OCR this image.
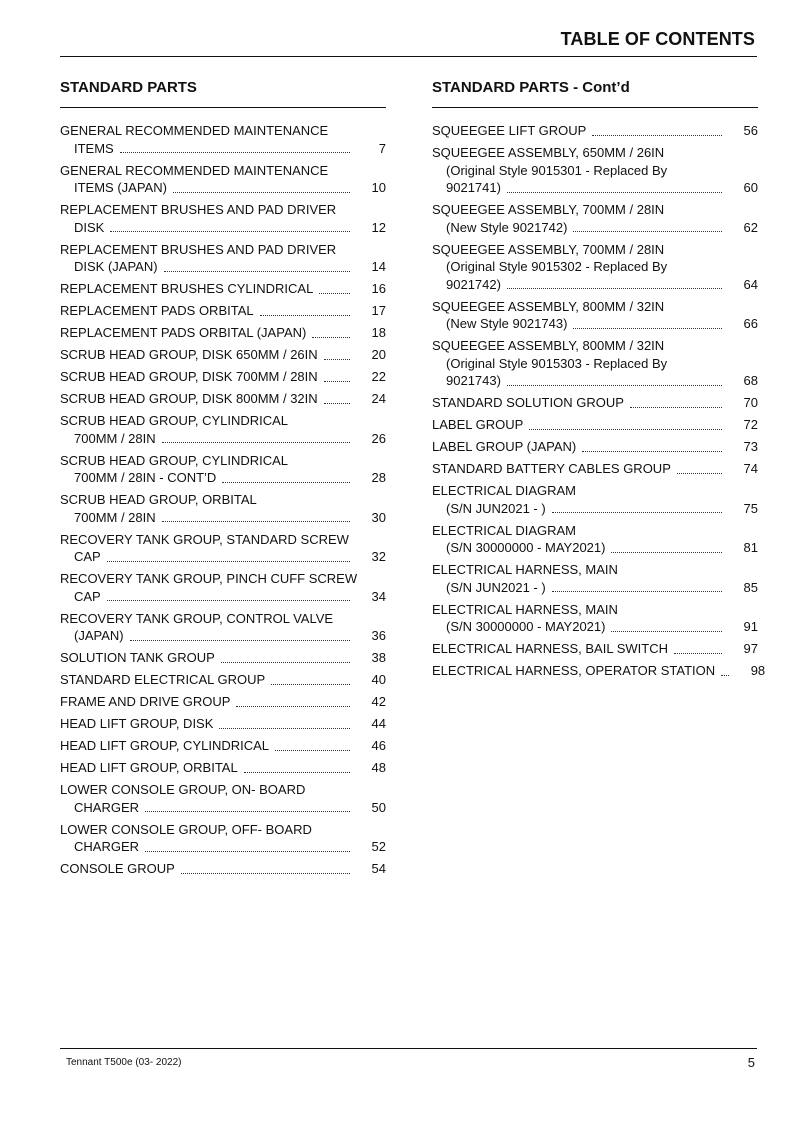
TABLE OF CONTENTS
STANDARD PARTS
GENERAL RECOMMENDED MAINTENANCE
ITEMS	7
GENERAL RECOMMENDED MAINTENANCE
ITEMS (JAPAN)	10
REPLACEMENT BRUSHES AND PAD DRIVER
DISK	12
REPLACEMENT BRUSHES AND PAD DRIVER
DISK (JAPAN)	14
REPLACEMENT BRUSHES CYLINDRICAL	16
REPLACEMENT PADS ORBITAL	17
REPLACEMENT PADS ORBITAL (JAPAN)	18
SCRUB HEAD GROUP, DISK 650MM / 26IN	20
SCRUB HEAD GROUP, DISK 700MM / 28IN	22
SCRUB HEAD GROUP, DISK 800MM / 32IN	24
SCRUB HEAD GROUP, CYLINDRICAL
700MM / 28IN	26
SCRUB HEAD GROUP, CYLINDRICAL
700MM / 28IN - CONT’D	28
SCRUB HEAD GROUP, ORBITAL
700MM / 28IN	30
RECOVERY TANK GROUP, STANDARD SCREW
CAP	32
RECOVERY TANK GROUP, PINCH CUFF SCREW
CAP	34
RECOVERY TANK GROUP, CONTROL VALVE
(JAPAN)	36
SOLUTION TANK GROUP	38
STANDARD ELECTRICAL GROUP	40
FRAME AND DRIVE GROUP	42
HEAD LIFT GROUP, DISK	44
HEAD LIFT GROUP, CYLINDRICAL	46
HEAD LIFT GROUP, ORBITAL	48
LOWER CONSOLE GROUP, ON- BOARD
CHARGER	50
LOWER CONSOLE GROUP, OFF- BOARD
CHARGER	52
CONSOLE GROUP	54
STANDARD PARTS - Cont’d
SQUEEGEE LIFT GROUP	56
SQUEEGEE ASSEMBLY, 650MM / 26IN
(Original Style 9015301 - Replaced By
9021741)	60
SQUEEGEE ASSEMBLY, 700MM / 28IN
(New Style 9021742)	62
SQUEEGEE ASSEMBLY, 700MM / 28IN
(Original Style 9015302 - Replaced By
9021742)	64
SQUEEGEE ASSEMBLY, 800MM / 32IN
(New Style 9021743)	66
SQUEEGEE ASSEMBLY, 800MM / 32IN
(Original Style 9015303 - Replaced By
9021743)	68
STANDARD SOLUTION GROUP	70
LABEL GROUP	72
LABEL GROUP (JAPAN)	73
STANDARD BATTERY CABLES GROUP	74
ELECTRICAL DIAGRAM
(S/N JUN2021 - )	75
ELECTRICAL DIAGRAM
(S/N 30000000 - MAY2021)	81
ELECTRICAL HARNESS, MAIN
(S/N JUN2021 - )	85
ELECTRICAL HARNESS, MAIN
(S/N 30000000 - MAY2021)	91
ELECTRICAL HARNESS, BAIL SWITCH	97
ELECTRICAL HARNESS, OPERATOR STATION	98
Tennant T500e (03- 2022)	5
